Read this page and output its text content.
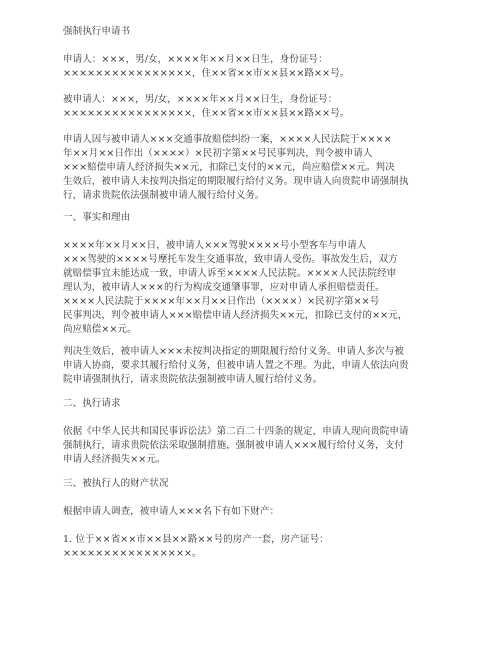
强制执行申请书
申请人：×××，男/女，××××年××月××日生，身份证号：
××××××××××××××××，住××省××市××县××路××号。
被申请人：×××，男/女，××××年××月××日生，身份证号：
××××××××××××××××，住××省××市××县××路××号。
申请人因与被申请人×××交通事故赔偿纠纷一案，××××人民法院于××××
年××月××日作出（××××）×民初字第××号民事判决，判令被申请人
×××赔偿申请人经济损失××元，扣除已支付的××元，尚应赔偿××元。判决
生效后，被申请人未按判决指定的期限履行给付义务。现申请人向贵院申请强制执
行，请求贵院依法强制被申请人履行给付义务。
一、事实和理由
××××年××月××日，被申请人×××驾驶××××号小型客车与申请人
×××驾驶的××××号摩托车发生交通事故，致申请人受伤。事故发生后，双方
就赔偿事宜未能达成一致，申请人诉至××××人民法院。××××人民法院经审
理认为，被申请人×××的行为构成交通肇事罪，应对申请人承担赔偿责任。
××××人民法院于××××年××月××日作出（××××）×民初字第××号
民事判决，判令被申请人×××赔偿申请人经济损失××元，扣除已支付的××元，
尚应赔偿××元。
判决生效后，被申请人×××未按判决指定的期限履行给付义务。申请人多次与被
申请人协商，要求其履行给付义务，但被申请人置之不理。为此，申请人依法向贵
院申请强制执行，请求贵院依法强制被申请人履行给付义务。
二、执行请求
依据《中华人民共和国民事诉讼法》第二百二十四条的规定，申请人现向贵院申请
强制执行，请求贵院依法采取强制措施，强制被申请人×××履行给付义务，支付
申请人经济损失××元。
三、被执行人的财产状况
根据申请人调查，被申请人×××名下有如下财产：
1. 位于××省××市××县××路××号的房产一套，房产证号：
××××××××××××××××。
